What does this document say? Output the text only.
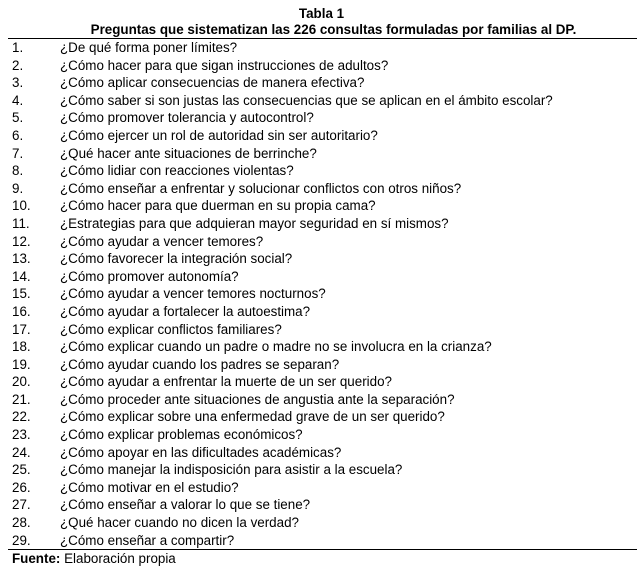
Tabla 1
Preguntas que sistematizan las 226 consultas formuladas por familias al DP.
1.	¿De qué forma poner límites?
2.	¿Cómo hacer para que sigan instrucciones de adultos?
3.	¿Cómo aplicar consecuencias de manera efectiva?
4.	¿Cómo saber si son justas las consecuencias que se aplican en el ámbito escolar?
5.	¿Cómo promover tolerancia y autocontrol?
6.	¿Cómo ejercer un rol de autoridad sin ser autoritario?
7.	¿Qué hacer ante situaciones de berrinche?
8.	¿Cómo lidiar con reacciones violentas?
9.	¿Cómo enseñar a enfrentar y solucionar conflictos con otros niños?
10.	¿Cómo hacer para que duerman en su propia cama?
11.	¿Estrategias para que adquieran mayor seguridad en sí mismos?
12.	¿Cómo ayudar a vencer temores?
13.	¿Cómo favorecer la integración social?
14.	¿Cómo promover autonomía?
15.	¿Cómo ayudar a vencer temores nocturnos?
16.	¿Cómo ayudar a fortalecer la autoestima?
17.	¿Cómo explicar conflictos familiares?
18.	¿Cómo explicar cuando un padre o madre no se involucra en la crianza?
19.	¿Cómo ayudar cuando los padres se separan?
20.	¿Cómo ayudar a enfrentar la muerte de un ser querido?
21.	¿Cómo proceder ante situaciones de angustia ante la separación?
22.	¿Cómo explicar sobre una enfermedad grave de un ser querido?
23.	¿Cómo explicar problemas económicos?
24.	¿Cómo apoyar en las dificultades académicas?
25.	¿Cómo manejar la indisposición para asistir a la escuela?
26.	¿Cómo motivar en el estudio?
27.	¿Cómo enseñar a valorar lo que se tiene?
28.	¿Qué hacer cuando no dicen la verdad?
29.	¿Cómo enseñar a compartir?
Fuente: Elaboración propia
